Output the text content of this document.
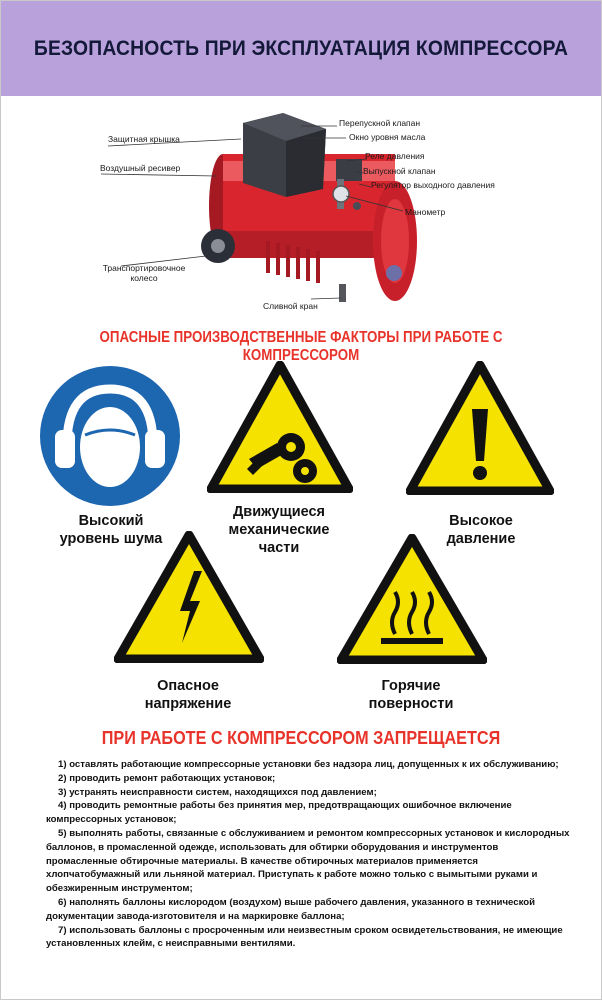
БЕЗОПАСНОСТЬ ПРИ ЭКСПЛУАТАЦИЯ КОМПРЕССОРА
Защитная крышка
Воздушный ресивер
Транспортировочное
колесо
Перепускной клапан
Окно уровня масла
Реле давления
Выпускной клапан
Регулятор выходного давления
Манометр
Сливной кран
ОПАСНЫЕ ПРОИЗВОДСТВЕННЫЕ ФАКТОРЫ ПРИ РАБОТЕ С КОМПРЕССОРОМ
Высокий
уровень шума
Движущиеся
механические
части
Высокое
давление
Опасное
напряжение
Горячие
поверности
ПРИ РАБОТЕ С КОМПРЕССОРОМ ЗАПРЕЩАЕТСЯ

1) оставлять работающие компрессорные установки без надзора лиц, допущенных к их обслуживанию;

2) проводить ремонт работающих установок;

3) устранять неисправности систем, находящихся под давлением;

4) проводить ремонтные работы без принятия мер, предотвращающих ошибочное включение компрессорных установок;

5) выполнять работы, связанные с обслуживанием и ремонтом компрессорных установок и кислородных баллонов, в промасленной одежде, использовать для обтирки оборудования и инструментов промасленные обтирочные материалы. В качестве обтирочных материалов применяется хлопчатобумажный или льняной материал. Приступать к работе можно только с вымытыми руками и обезжиренным инструментом;

6) наполнять баллоны кислородом (воздухом) выше рабочего давления, указанного в технической документации завода-изготовителя и на маркировке баллона;

7) использовать баллоны с просроченным или неизвестным сроком освидетельствования, не имеющие установленных клейм, с неисправными вентилями.
